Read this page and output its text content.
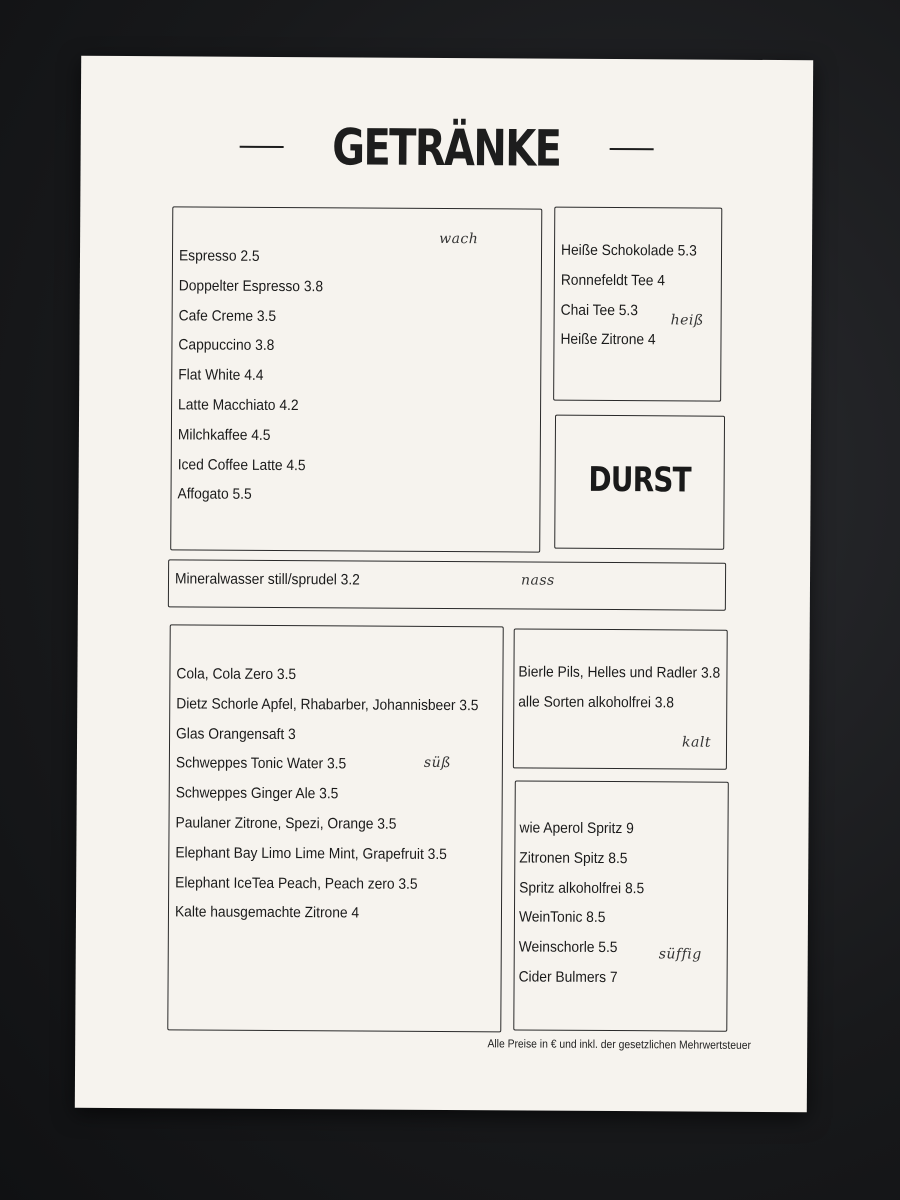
GETRÄNKE
Espresso 2.5
Doppelter Espresso 3.8
Cafe Creme 3.5
Cappuccino 3.8
Flat White 4.4
Latte Macchiato 4.2
Milchkaffee 4.5
Iced Coffee Latte 4.5
Affogato 5.5
wach
Heiße Schokolade 5.3
Ronnefeldt Tee 4
Chai Tee 5.3
Heiße Zitrone 4
heiß
DURST
Mineralwasser still/sprudel 3.2	nass
Cola, Cola Zero 3.5
Dietz Schorle Apfel, Rhabarber, Johannisbeer 3.5
Glas Orangensaft 3
Schweppes Tonic Water 3.5
Schweppes Ginger Ale 3.5
Paulaner Zitrone, Spezi, Orange 3.5
Elephant Bay Limo Lime Mint, Grapefruit 3.5
Elephant IceTea Peach, Peach zero 3.5
Kalte hausgemachte Zitrone 4
süß
Bierle Pils, Helles und Radler 3.8
alle Sorten alkoholfrei 3.8
kalt
wie Aperol Spritz 9
Zitronen Spitz 8.5
Spritz alkoholfrei 8.5
WeinTonic 8.5
Weinschorle 5.5
Cider Bulmers 7
süffig
Alle Preise in € und inkl. der gesetzlichen Mehrwertsteuer
